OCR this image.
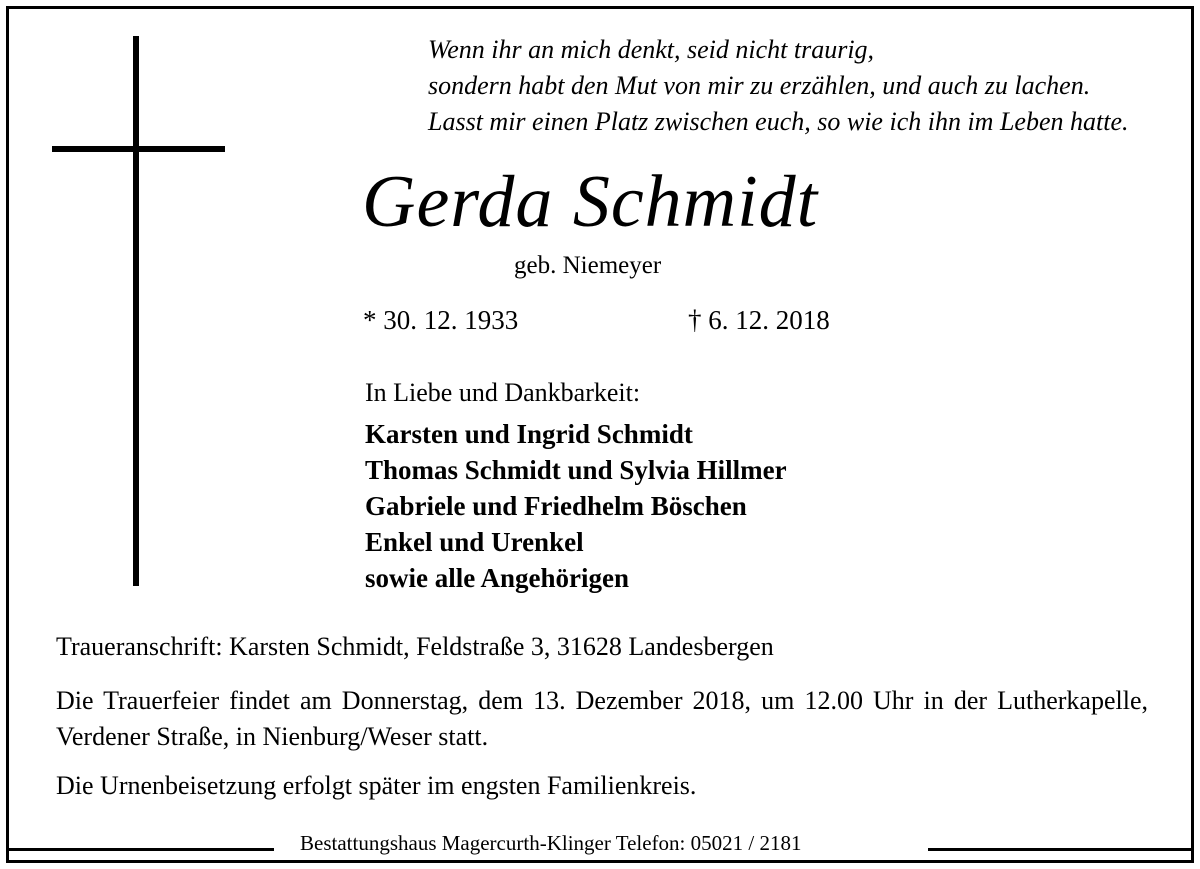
Wenn ihr an mich denkt, seid nicht traurig,
sondern habt den Mut von mir zu erzählen, und auch zu lachen.
Lasst mir einen Platz zwischen euch, so wie ich ihn im Leben hatte.
Gerda Schmidt
geb. Niemeyer
* 30. 12. 1933	† 6. 12. 2018
In Liebe und Dankbarkeit:
Karsten und Ingrid Schmidt
Thomas Schmidt und Sylvia Hillmer
Gabriele und Friedhelm Böschen
Enkel und Urenkel
sowie alle Angehörigen
Traueranschrift: Karsten Schmidt, Feldstraße 3, 31628 Landesbergen
Die Trauerfeier findet am Donnerstag, dem 13. Dezember 2018, um 12.00 Uhr in der Lutherkapelle, Verdener Straße, in Nienburg/Weser statt.
Die Urnenbeisetzung erfolgt später im engsten Familienkreis.
Bestattungshaus Magercurth-Klinger Telefon: 05021 / 2181
